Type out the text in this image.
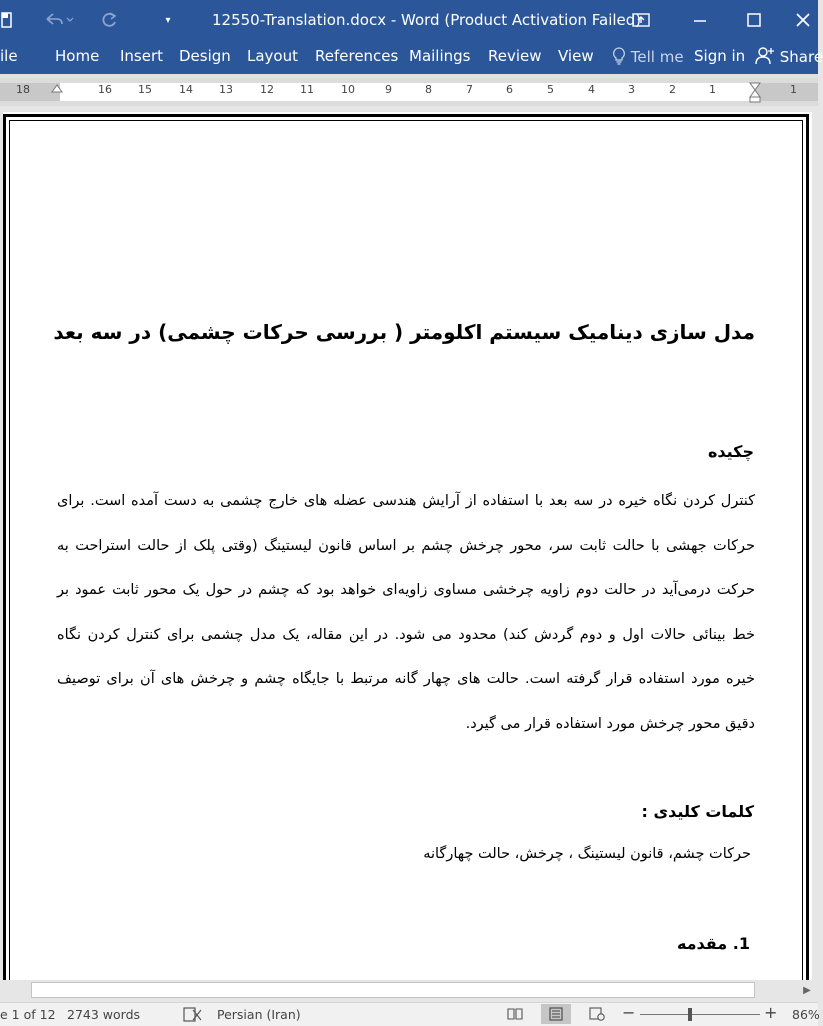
▾	12550-Translation.docx - Word (Product Activation Failed)
ile Home Insert Design Layout References Mailings Review View	Tell me Sign in	Share
18	16 15 14 13 12 11 10	9	8	7	6	5	4	3	2	1	1
مدل سازی دینامیک سیستم اکلومتر ( بررسی حرکات چشمی) در سه بعد
چکیده
کنترل کردن نگاه خیره در سه بعد با استفاده از آرایش هندسی عضله های خارج چشمی به دست آمده است. برای
حرکات جهشی با حالت ثابت سر، محور چرخش چشم بر اساس قانون لیستینگ (وقتی پلک از حالت استراحت به
حرکت درمی‌آید در حالت دوم زاویه چرخشی مساوی زاویه‌ای خواهد بود که چشم در حول یک محور ثابت عمود بر
خط بینائی حالات اول و دوم گردش کند) محدود می شود. در این مقاله، یک مدل چشمی برای کنترل کردن نگاه
خیره مورد استفاده قرار گرفته است. حالت های چهار گانه مرتبط با جایگاه چشم و چرخش های آن برای توصیف
دقیق محور چرخش مورد استفاده قرار می گیرد.
کلمات کلیدی :
حرکات چشم، قانون لیستینگ ، چرخش، حالت چهارگانه
1. مقدمه
▶
e 1 of 12 2743 words	Persian (Iran)	−	+ 86%
